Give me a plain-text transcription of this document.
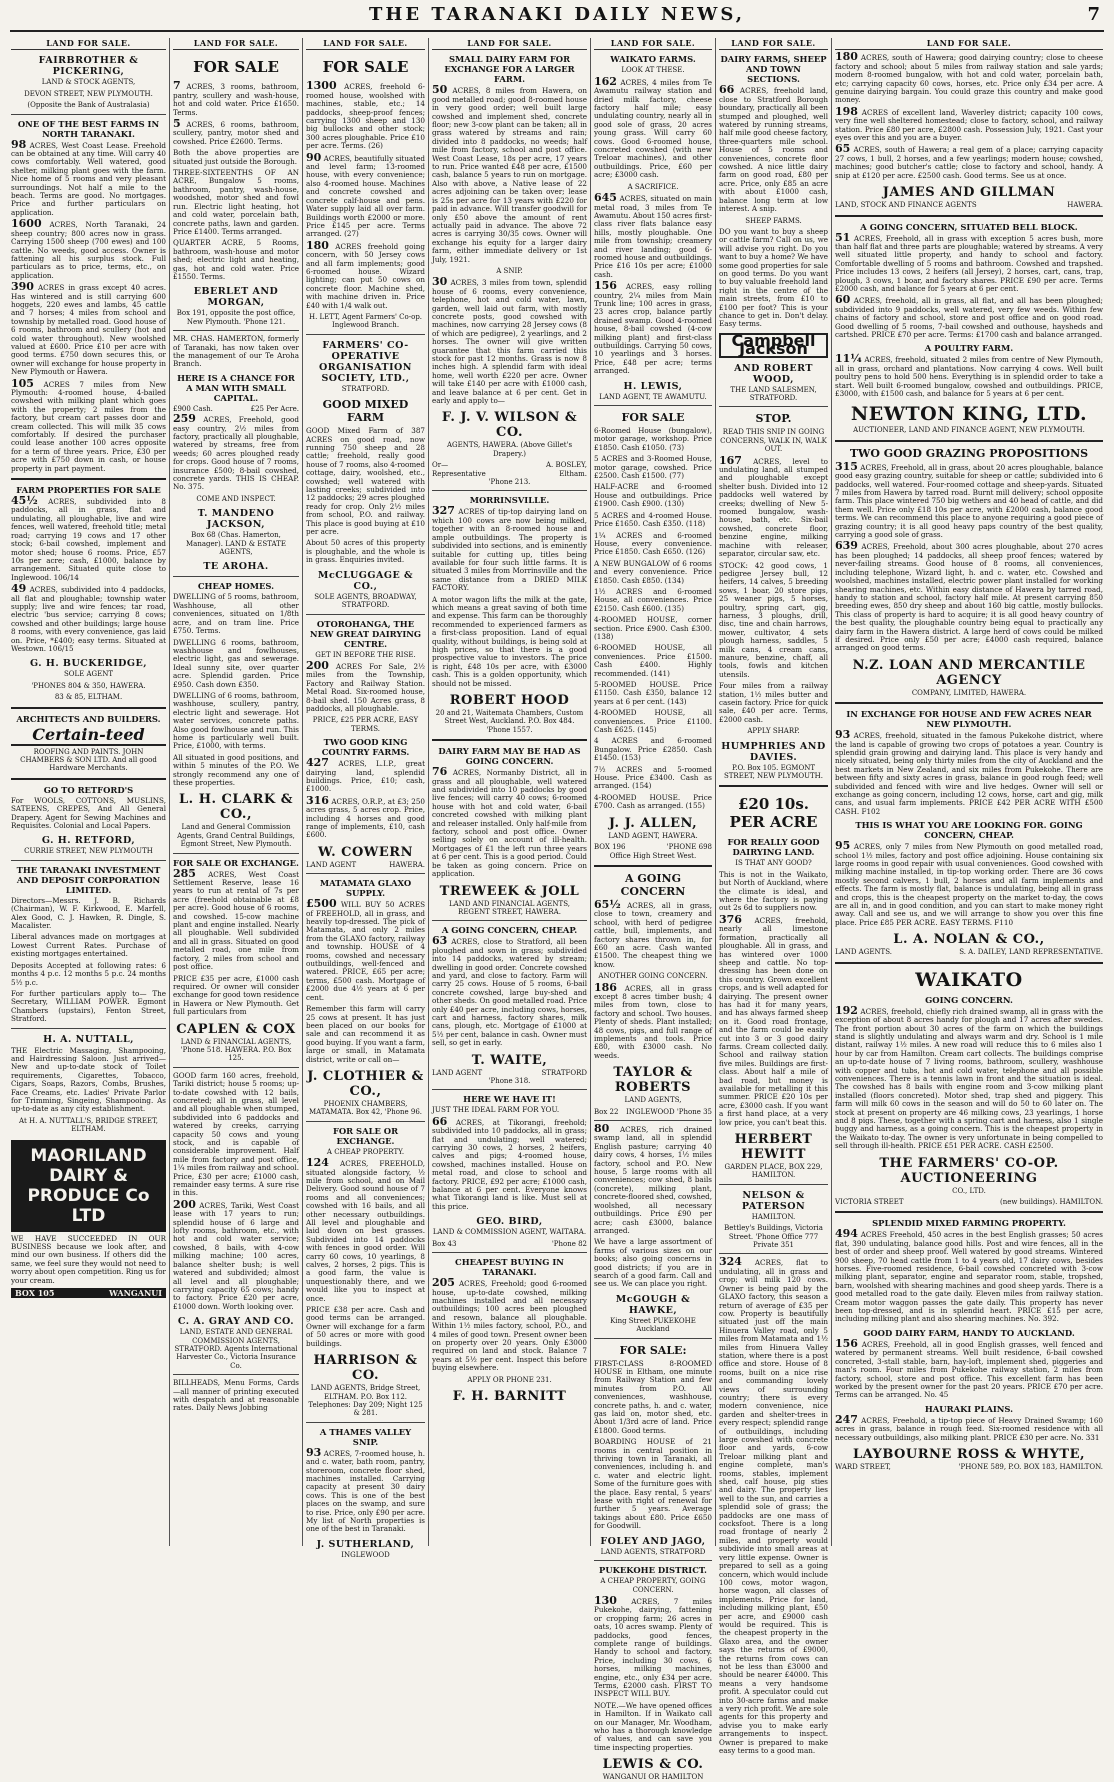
THE TARANAKI DAILY NEWS,	7
LAND FOR SALE.
FAIRBROTHER & PICKERING,
LAND & STOCK AGENTS,
DEVON STREET, NEW PLYMOUTH.
(Opposite the Bank of Australasia)
ONE OF THE BEST FARMS IN NORTH TARANAKI.
98 ACRES, West Coast Lease. Freehold can be obtained at any time. Will carry 40 cows comfortably. Well watered, good shelter, milking plant goes with the farm. Nice home of 5 rooms and very pleasant surroundings. Not half a mile to the beach. Terms are good. No mortgages. Price and further particulars on application.
1600 ACRES, North Taranaki, 24 sheep country; 800 acres now in grass. Carrying 1500 sheep (700 ewes) and 100 cattle. No weeds, good access. Owner is fattening all his surplus stock. Full particulars as to price, terms, etc., on application.
390 ACRES in grass except 40 acres. Has wintered and is still carrying 600 hoggets, 220 ewes and lambs, 45 cattle and 7 horses; 4 miles from school and township by metalled road. Good house of 6 rooms, bathroom and scullery (hot and cold water throughout). New woolshed valued at £600. Price £10 per acre with good terms. £750 down secures this, or owner will exchange for house property in New Plymouth or Hawera.
105 ACRES 7 miles from New Plymouth: 4-roomed house, 4-bailed cowshed with milking plant which goes with the property; 2 miles from the factory, but cream cart passes door and cream collected. This will milk 35 cows comfortably. If desired the purchaser could lease another 100 acres opposite for a term of three years. Price, £30 per acre with £750 down in cash, or house property in part payment.
FARM PROPERTIES FOR SALE
45½ ACRES, subdivided into 8 paddocks, all in grass, flat and undulating, all ploughable, live and wire fences, well watered, freehold title; metal road; carrying 19 cows and 17 other stock; 6-bail cowshed, implement and motor shed; house 6 rooms. Price, £57 10s per acre; cash, £1000, balance by arrangement. Situated quite close to Inglewood. 106/14
49 ACRES, subdivided into 4 paddocks, all flat and ploughable; township water supply; live and wire fences; tar road, electric 'bus service; carrying 8 cows; cowshed and other buildings; large house 8 rooms, with every convenience, gas laid on. Price, *£400; easy terms. Situated at Westown. 106/15
G. H. BUCKERIDGE,
SOLE AGENT
'PHONES 804 & 350, HAWERA.
83 & 85, ELTHAM.
ARCHITECTS AND BUILDERS.
Certain-teed
ROOFING AND PAINTS. JOHN CHAMBERS & SON LTD. And all good Hardware Merchants.
GO TO RETFORD'S
For WOOLS, COTTONS, MUSLINS, SATEENS, CREPES, And All General Drapery. Agent for Sewing Machines and Requisites. Colonial and Local Papers.
G. H. RETFORD,
CURRIE STREET, NEW PLYMOUTH
THE TARANAKI INVESTMENT AND DEPOSIT CORPORATION LIMITED.
Directors—Messrs. J. B. Richards (Chairman), W. F. Kirkwood, E. Marfell, Alex Good, C. J. Hawken, R. Dingle, S. Macalister.
Liberal advances made on mortgages at Lowest Current Rates. Purchase of existing mortgages entertained.
Deposits Accepted at following rates: 6 months 4 p.c. 12 months 5 p.c. 24 months 5½ p.c.
For further particulars apply to— The Secretary, WILLIAM POWER. Egmont Chambers (upstairs), Fenton Street, Stratford.
H. A. NUTTALL,
THE Electric Massaging, Shampooing, and Hairdressing Saloon. Just arrived—New and up-to-date stock of Toilet requirements, Cigarettes, Tobacco, Cigars, Soaps, Razors, Combs, Brushes, Face Creams, etc. Ladies' Private Parlor for Trimming, Singeing, Shampooing. As up-to-date as any city establishment.
At H. A. NUTTALL'S, BRIDGE STREET, ELTHAM.
MAORILAND DAIRY & PRODUCE Co LTD
WE HAVE SUCCEEDED IN OUR BUSINESS because we look after, and mind our own business. If others did the same, we feel sure they would not need to worry about open competition. Ring us for your cream.
BOX 105	WANGANUI
LAND FOR SALE.
FOR SALE
7 ACRES, 3 rooms, bathroom, pantry, scullery and wash-house, hot and cold water. Price £1650. Terms.
5 ACRES, 6 rooms, bathroom, scullery, pantry, motor shed and cowshed. Price £2600. Terms.
Both the above properties are situated just outside the Borough.
THREE-SIXTEENTHS OF AN ACRE, Bungalow 5 rooms, bathroom, pantry, wash-house, woodshed, motor shed and fowl run. Electric light heating, hot and cold water, porcelain bath, concrete paths, lawn and garden. Price £1400. Terms arranged.
QUARTER ACRE, 5 Rooms, bathroom, wash-house and motor shed; electric light and heating, gas, hot and cold water. Price £1550. Terms.
EBERLET AND MORGAN,
Box 191, opposite the post office, New Plymouth. 'Phone 121.
MR. CHAS. HAMERTON, formerly of Taranaki, has now taken over the management of our Te Aroha Branch.
HERE IS A CHANCE FOR A MAN WITH SMALL CAPITAL.
£900 Cash.	£25 Per Acre.
259 ACRES, Freehold, good easy country, 2½ miles from factory, practically all ploughable, watered by streams, free from weeds; 60 acres ploughed ready for crops. Good house of 7 rooms, insurance £500; 8-bail cowshed, concrete yards. THIS IS CHEAP. No. 375.
COME AND INSPECT.
T. MANDENO JACKSON,
Box 68 (Chas. Hamerton, Manager). LAND & ESTATE AGENTS,
TE AROHA.
CHEAP HOMES.
DWELLING of 5 rooms, bathroom, Washhouse, all other conveniences, situated on 1/8th acre, and on tram line. Price £750. Terms.
DWELLING 6 rooms, bathroom, washhouse and fowlhouses, electric light, gas and sewerage. Ideal sunny site, over quarter acre. Splendid garden. Price £950. Cash down £350.
DWELLING of 6 rooms, bathroom, washhouse, scullery, pantry, electric light and sewerage. Hot water services, concrete paths. Also good fowlhouse and run. This home is particularly well built. Price, £1000, with terms.
All situated in good positions, and within 5 minutes of the P.O. We strongly recommend any one of these properties.
L. H. CLARK & CO.,
Land and General Commission Agents, Grand Central Buildings, Egmont Street, New Plymouth.
FOR SALE OR EXCHANGE.
285 ACRES, West Coast Settlement Reserve, lease 16 years to run at rental of 7s per acre (freehold obtainable at £8 per acre). Good house of 6 rooms, and cowshed. 15-cow machine plant and engine installed. Nearly all ploughable. Well subdivided and all in grass. Situated on good metalled road, one mile from factory, 2 miles from school and post office.
PRICE £35 per acre, £1000 cash required. Or owner will consider exchange for good town residence in Hawera or New Plymouth. Get full particulars from
CAPLEN & COX
LAND & FINANCIAL AGENTS, 'Phone 518. HAWERA. P.O. Box 125.
GOOD farm 160 acres, freehold, Tariki district; house 5 rooms; up-to-date cowshed with 12 bails, concreted; all in grass, all level and all ploughable when stumped, subdivided into 6 paddocks and watered by creeks, carrying capacity 50 cows and young stock, and is capable of considerable improvement. Half mile from factory and post office, 1¼ miles from railway and school. Price, £30 per acre; £1000 cash, remainder easy terms. A sure rise in this.
200 ACRES, Tariki, West Coast lease with 17 years to run; splendid house of 6 large and lofty rooms, bathroom, etc., with hot and cold water service; cowshed, 8 bails, with 4-cow milking machine; 100 acres, balance shelter bush; is well watered and subdivided; almost all level and all ploughable; carrying capacity 65 cows; handy to factory. Price £20 per acre, £1000 down. Worth looking over.
C. A. GRAY AND CO.
LAND, ESTATE AND GENERAL COMMISSION AGENTS, STRATFORD. Agents International Harvester Co., Victoria Insurance Co.
BILLHEADS, Menu Forms, Cards—all manner of printing executed with despatch and at reasonable rates. Daily News Jobbing
LAND FOR SALE.
FOR SALE
1300 ACRES, freehold 6-roomed house, woolshed with machines, stable, etc.; 14 paddocks, sheep-proof fences; carrying 1300 sheep and 130 big bullocks and other stock; 300 acres ploughable. Price £10 per acre. Terms. (26)
90 ACRES, beautifully situated and level farm; 13-roomed house, with every convenience; also 4-roomed house. Machines and concrete cowshed and concrete calf-house and pens. Water supply laid all over farm. Buildings worth £2000 or more. Price £145 per acre. Terms arranged. (27)
180 ACRES freehold going concern, with 50 Jersey cows and all farm implements; good 6-roomed house. Wizard lighting; can put 50 cows on concrete floor. Machine shed, with machine driven in. Price £40 with 1/4 walk out.
H. LETT, Agent Farmers' Co-op. Inglewood Branch.
FARMERS' CO-OPERATIVE ORGANISATION SOCIETY, LTD.,
STRATFORD.
GOOD MIXED FARM
GOOD Mixed Farm of 387 ACRES on good road, now running 750 sheep and 28 cattle; freehold, really good house of 7 rooms, also 4-roomed cottage, dairy, woolshed, etc., cowshed; well watered with lasting creeks; subdivided into 12 paddocks; 29 acres ploughed ready for crop. Only 2½ miles from school, P.O. and railway. This place is good buying at £10 per acre.
About 50 acres of this property is ploughable, and the whole is in grass. Enquiries invited.
McCLUGGAGE & CO.,
SOLE AGENTS, BROADWAY, STRATFORD.
OTOROHANGA, THE NEW GREAT DAIRYING CENTRE.
GET IN BEFORE THE RISE.
200 ACRES For Sale, 2½ miles from the Township, Factory and Railway Station. Metal Road. Six-roomed house, 8-bail shed. 150 Acres grass, 8 paddocks, all ploughable.
PRICE, £25 PER ACRE, EASY TERMS.
TWO GOOD KING COUNTRY FARMS.
427 ACRES, L.I.P., great dairying land, splendid buildings. Price, £10; cash, £1000.
316 ACRES, O.R.P., at £3; 250 acres grass, 5 acres crop. Price, including 4 horses and good range of implements, £10, cash £600.
W. COWERN
LAND AGENT	HAWERA.
MATAMATA GLAXO SUPPLY.
£500 WILL BUY 50 ACRES of FREEHOLD, all in grass, and heavily top-dressed. The pick of Matamata, and only 2 miles from the GLAXO factory, railway and township. HOUSE of 4 rooms, cowshed and necessary outbuildings, well-fenced and watered. PRICE, £65 per acre; terms, £500 cash. Mortgage of £2000 due 4½ years at 6 per cent.
Remember this farm will carry 25 cows at present. It has just been placed on our books for sale and can recommend it as good buying. If you want a farm, large or small, in Matamata district, write or call on—
J. CLOTHIER & CO.,
PHOENIX CHAMBERS, MATAMATA. Box 42, 'Phone 96.
FOR SALE OR EXCHANGE.
A CHEAP PROPERTY.
124 ACRES, FREEHOLD, situated alongside factory, ½ mile from school, and on Mail Delivery. Good sound house of 7 rooms and all conveniences; cowshed with 16 bails, and all other necessary outbuildings. All level and ploughable and laid down on best grasses. Subdivided into 14 paddocks with fences in good order. Will carry 60 cows, 10 yearlings, 8 calves, 2 horses, 2 pigs. This is a good farm, the value is unquestionably there, and we would like you to inspect at once.
PRICE £38 per acre. Cash and good terms can be arranged. Owner will exchange for a farm of 50 acres or more with good buildings.
HARRISON & CO.
LAND AGENTS, Bridge Street, ELTHAM. P.O. Box 112. Telephones: Day 209; Night 125 & 281.
A THAMES VALLEY SNIP.
93 ACRES, 7-roomed house, h. and c. water, bath room, pantry, storeroom, concrete floor shed, machines installed. Carrying capacity at present 30 dairy cows. This is one of the best places on the swamp, and sure to rise. Price, only £90 per acre. My list of North properties is one of the best in Taranaki.
J. SUTHERLAND,
INGLEWOOD
LAND FOR SALE.
SMALL DAIRY FARM FOR EXCHANGE FOR A LARGER FARM.
50 ACRES, 8 miles from Hawera, on good metalled road; good 8-roomed house in very good order; well built large cowshed and implement shed, concrete floor; new 3-cow plant can be taken; all in grass watered by streams and rain; divided into 8 paddocks, no weeds; half mile from factory, school and post office. West Coast Lease, 18s per acre, 17 years to run. Price wanted £48 per acre, £1500 cash, balance 5 years to run on mortgage. Also with above, a Native lease of 22 acres adjoining can be taken over; lease is 25s per acre for 13 years with £220 for paid in advance. Will transfer goodwill for only £50 above the amount of rent actually paid in advance. The above 72 acres is carrying 30/35 cows. Owner will exchange his equity for a larger dairy farm, either immediate delivery or 1st July, 1921.
A SNIP.
30 ACRES, 3 miles from town, splendid house of 6 rooms, every convenience, telephone, hot and cold water, lawn, garden, well laid out farm, with mostly concrete posts, good cowshed with machines, now carrying 28 Jersey cows (8 of which are pedigree), 2 yearlings, and 2 horses. The owner will give written guarantee that this farm carried this stock for past 12 months. Grass is now 8 inches high. A splendid farm with ideal home, well worth £220 per acre. Owner will take £140 per acre with £1000 cash, and leave balance at 6 per cent. Get in early and apply to—
F. J. V. WILSON & CO.
AGENTS, HAWERA. (Above Gillet's Drapery.)
Or—	A. BOSLEY,
Representative	Eltham.
'Phone 213.
MORRINSVILLE.
327 ACRES of tip-top dairying land on which 100 cows are now being milked, together with an 8-roomed house and ample outbuildings. The property is subdivided into sections, and is eminently suitable for cutting up, titles being available for four such little farms. It is situated 3 miles from Morrinsville and the same distance from a DRIED MILK FACTORY.
A motor wagon lifts the milk at the gate, which means a great saving of both time and expense. This farm can be thoroughly recommended to experienced farmers as a first-class proposition. Land of equal quality, without buildings, is being sold at high prices, so that there is a good prospective value to investors. The price is right, £48 10s per acre, with £3000 cash. This is a golden opportunity, which should not be missed.
ROBERT HOOD
20 and 21, Waitemata Chambers, Custom Street West, Auckland. P.O. Box 484. 'Phone 1557.
DAIRY FARM MAY BE HAD AS GOING CONCERN.
76 ACRES, Normanby District, all in grass and all ploughable, well watered and subdivided into 10 paddocks by good live fences; will carry 40 cows; 6-roomed house with hot and cold water, 6-bail concreted cowshed with milking plant and releaser installed. Only half-mile from factory, school and post office. Owner selling solely on account of ill-health. Mortgages of £1 the left run three years at 6 per cent. This is a good period. Could be taken as going concern. Price on application.
TREWEEK & JOLL
LAND AND FINANCIAL AGENTS, REGENT STREET, HAWERA.
A GOING CONCERN, CHEAP.
63 ACRES, close to Stratford, all been ploughed and sown in grass; subdivided into 14 paddocks, watered by stream; dwelling in good order. Concrete cowshed and yard, and close to factory. Farm will carry 25 cows. House of 5 rooms, 6-bail concrete cowshed, large buy-shed and other sheds. On good metalled road. Price only £40 per acre, including cows, horses, cart and harness, factory shares, milk cans, plough, etc. Mortgage of £1000 at 5½ per cent, balance in cash. Owner must sell, so get in early.
T. WAITE,
LAND AGENT	STRATFORD
'Phone 318.
HERE WE HAVE IT!
JUST THE IDEAL FARM FOR YOU.
66 ACRES, at Tikorangi, freehold; subdivided into 10 paddocks, all in grass; flat and undulating; well watered; carrying 30 cows, 2 horses, 2 heifers, calves and pigs; 4-roomed house, cowshed, machines installed. House on metal road, and close to school and factory. PRICE, £92 per acre; £1000 cash, balance at 6 per cent. Everyone knows what Tikorangi land is like. Must sell at this price.
GEO. BIRD,
LAND & COMMISSION AGENT, WAITARA.
Box 43	'Phone 82
CHEAPEST BUYING IN TARANAKI.
205 ACRES, Freehold; good 6-roomed house, up-to-date cowshed, milking machines installed and all necessary outbuildings; 100 acres been ploughed and resown, balance all ploughable. Within 1½ miles factory, school, P.O., and 4 miles of good town. Present owner been on property over 20 years. Only £3000 required on land and stock. Balance 7 years at 5½ per cent. Inspect this before buying elsewhere.
APPLY OR PHONE 231.
F. H. BARNITT
LAND FOR SALE.
WAIKATO FARMS.
LOOK AT THESE.
162 ACRES, 4 miles from Te Awamutu railway station and dried milk factory, cheese factory half mile; easy undulating country, nearly all in good sole of grass, 20 acres young grass. Will carry 60 cows. Good 6-roomed house, concreted cowshed (with new Treloar machines), and other outbuildings. Price, £60 per acre; £3000 cash.
A SACRIFICE.
645 ACRES, situated on main metal road, 3 miles from Te Awamutu. About 150 acres first-class river flats balance easy hills, mostly ploughable. One mile from township; creamery and river landing; good 6-roomed house and outbuildings. Price £16 10s per acre; £1000 cash.
156 ACRES, easy rolling country, 2¼ miles from Main Trunk line; 100 acres in grass, 23 acres crop, balance partly drained swamp. Good 4-roomed house, 8-bail cowshed (4-cow milking plant) and first-class outbuildings. Carrying 50 cows, 10 yearlings and 3 horses. Price, £48 per acre; terms arranged.
H. LEWIS,
LAND AGENT, TE AWAMUTU.
FOR SALE
6-Roomed House (bungalow), motor garage, workshop. Price £1850. Cash £1050. (73)
5 ACRES and 3-Roomed House, motor garage, cowshed. Price £2500. Cash £1500. (77)
HALF-ACRE and 6-roomed House and outbuildings. Price £1900. Cash £900. (130)
5 ACRES and 4-roomed House. Price £1650. Cash £350. (118)
1¼ ACRES and 6-roomed House, every convenience. Price £1850. Cash £650. (126)
A NEW BUNGALOW of 6 rooms and every convenience. Price £1850. Cash £850. (134)
1½ ACRES and 6-roomed House, all conveniences. Price £2150. Cash £600. (135)
4-ROOMED HOUSE, corner section. Price £900. Cash £300. (138)
6-ROOMED HOUSE, all conveniences. Price £1500. Cash £400. Highly recommended. (141)
5-ROOMED HOUSE. Price £1150. Cash £350, balance 12 years at 6 per cent. (143)
4-ROOMED HOUSE, all conveniences. Price £1100. Cash £625. (145)
4 ACRES and 6-roomed Bungalow. Price £2850. Cash £1450. (153)
7½ ACRES and 5-roomed House. Price £3400. Cash as arranged. (154)
4-ROOMED HOUSE. Price £700. Cash as arranged. (155)
J. J. ALLEN,
LAND AGENT, HAWERA.
BOX 196	'PHONE 698
Office High Street West.
A GOING CONCERN
65½ ACRES, all in grass, close to town, creamery and school, with herd of pedigree cattle, bull, implements, and factory shares thrown in, for £60 an acre. Cash wanted £1500. The cheapest thing we know.
ANOTHER GOING CONCERN.
186 ACRES, all in grass except 8 acres timber bush; 4 miles from town, close to factory and school. Two houses. Plenty of sheds. Plant installed; 48 cows, pigs, and full range of implements and tools. Price £80, with £3000 cash. No weeds.
TAYLOR & ROBERTS
LAND AGENTS,
Box 22 INGLEWOOD 'Phone 35
80 ACRES, rich drained swamp land, all in splendid English pasture; carrying 40 dairy cows, 4 horses, 1½ miles factory, school and P.O. New house, 5 large rooms with all conveniences; cow shed, 8 bails (concrete), milking plant, concrete-floored shed, cowshed, woolshed, all necessary outbuildings. Price £90 per acre; cash £3000, balance arranged.
We have a large assortment of farms of various sizes on our books; also going concerns in good districts; if you are in search of a good farm. Call and see us. We can place you right.
McGOUGH & HAWKE,
King Street PUKEKOHE Auckland
FOR SALE:
FIRST-CLASS 8-ROOMED HOUSE in Eltham, one minute from Railway Station and few minutes from P.O. All conveniences, washhouse, concrete paths, h. and c. water, gas laid on, motor shed, etc. About 1/3rd acre of land. Price £1800. Good terms.
BOARDING HOUSE of 21 rooms in central position in thriving town in Taranaki, all conveniences, including h. and c. water and electric light. Some of the furniture goes with the place. Easy rental, 5 years' lease with right of renewal for further 5 years. Average takings about £80. Price £650 for Goodwill.
FOLEY AND JAGO,
LAND AGENTS, STRATFORD
PUKEKOHE DISTRICT.
A CHEAP PROPERTY, GOING CONCERN.
130 ACRES, 7 miles Pukekohe, dairying, fattening or cropping farm; 26 acres in oats, 10 acres swamp. Plenty of paddocks, good fences, complete range of buildings. Handy to school and factory. Price, including 30 cows, 6 horses, milking machines, engine, etc., only £34 per acre. Terms, £2000 cash. FIRST TO INSPECT WILL BUY.
NOTE.—We have opened offices in Hamilton. If in Waikato call on our Manager, Mr. Woodham, who has a thorough knowledge of values, and can save you time inspecting properties.
LEWIS & CO.
WANGANUI OR HAMILTON
LAND FOR SALE.
DAIRY FARMS, SHEEP AND TOWN SECTIONS.
66 ACRES, freehold land, close to Stratford Borough boundary, practically all been stumped and ploughed, well watered by running streams, half mile good cheese factory, three-quarters mile school. House of 5 rooms and conveniences, concrete floor cowshed. A nice little dairy farm on good road, £80 per acre. Price, only £85 an acre with about £1000 cash, balance long term at low interest. A snip.
SHEEP FARMS.
DO you want to buy a sheep or cattle farm? Call on us, we will advise you right. Do you want to buy a home? We have some good properties for sale on good terms. Do you want to buy valuable freehold land right in the centre of the main streets, from £10 to £100 per foot? This is your chance to get in. Don't delay. Easy terms.
Campbell Jackson
AND ROBERT WOOD,
THE LAND SALESMEN, STRATFORD.
STOP.
READ THIS SNIP IN GOING CONCERNS, WALK IN, WALK OUT.
167 ACRES, level to undulating land, all stumped and ploughable except shelter bush. Divided into 12 paddocks well watered by creeks; dwelling of New 5-roomed bungalow, wash-house, bath, etc. Six-bail cowshed, concrete floor, benzine engine, milking machine with releaser, separator, circular saw, etc.
STOCK: 42 good cows, 1 pedigree Jersey bull, 12 heifers, 14 calves, 5 breeding sows, 1 boar, 20 store pigs, 25 weaner pigs, 5 horses, poultry, spring cart, gig, harness, 3 ploughs, drill, disc, tine and chain harrows, mower, cultivator, 4 sets plough harness, saddles, 5 milk cans, 4 cream cans, manure, benzine, chaff, all tools, fowls and kitchen utensils.
Four miles from a railway station, 1½ miles butter and casein factory. Price for quick sale, £40 per acre. Terms, £2000 cash.
APPLY SHARP.
HUMPHRIES AND DAVIES.
P.O. Box 105. EGMONT STREET, NEW PLYMOUTH.
£20 10s. PER ACRE
FOR REALLY GOOD DAIRYING LAND.
IS THAT ANY GOOD?
This is not in the Waikato, but North of Auckland, where the climate is ideal, and where the factory is paying out 2s 6d to suppliers now.
376 ACRES, freehold, nearly all limestone formation, practically all ploughable. All in grass, and has wintered over 1000 sheep and cattle. No top-dressing has been done on this country. Grown excellent crops, and is well adapted for dairying. The present owner has had it for many years, and has always farmed sheep on it. Good road frontage, and the farm could be easily cut into 3 or 3 good dairy farms. Cream collected daily. School and railway station five miles. Buildings are first-class. About half a mile of bad road, but money is available for metalling it this summer. PRICE £20 10s per acre, £3000 cash. If you want a first hand place, at a very low price, you can't beat this.
HERBERT HEWITT
GARDEN PLACE, BOX 229, HAMILTON.
NELSON & PATERSON
HAMILTON.
Bettley's Buildings, Victoria Street. 'Phone Office 777 Private 351
324 ACRES, flat to undulating, all in grass and crop; will milk 120 cows. Owner is being paid by the GLAXO factory, this season a return of average of £35 per cow. Property is beautifully situated just off the main Hinuera Valley road, only 5 miles from Matamata and 1½ miles from Hinuera Valley station, where there is a post office and store. House of 8 rooms, built on a nice rise and commanding lovely views of surrounding country; there is every modern convenience, nice garden and shelter-trees in every respect; splendid range of outbuildings, including large cowshed with concrete floor and yards, 6-cow Treloar milking plant and engine complete, man's rooms, stables, implement shed, calf house, pig sties and dairy. The property lies well to the sun, and carries a splendid sole of grass; the paddocks are one mass of cocksfoot. There is a long road frontage of nearly 2 miles, and property would subdivide into small areas at very little expense. Owner is prepared to sell as a going concern, which would include 100 cows, motor wagon, horse wagon, all classes of implements. Price for land, including milking plant, £50 per acre, and £9000 cash would be required. This is the cheapest property in the Glaxo area, and the owner says the returns of £9000, the returns from cows can not be less than £3000 and should be nearer £4000. This means a very handsome profit. A speculator could cut into 30-acre farms and make a very rich profit. We are sole agents for this property and advise you to make early arrangements to inspect. Owner is prepared to make easy terms to a good man.
LAND FOR SALE.
180 ACRES, south of Hawera; good dairying country; close to cheese factory and school; about 5 miles from railway station and sale yards; modern 8-roomed bungalow, with hot and cold water, porcelain bath, etc; carrying capacity 60 cows, horses, etc. Price only £34 per acre. A genuine dairying bargain. You could graze this country and make good money.
198 ACRES of excellent land, Waverley district; capacity 100 cows, very fine well sheltered homestead; close to factory, school, and railway station. Price £80 per acre, £2800 cash. Possession July, 1921. Cast your eyes over this and you are a buyer.
65 ACRES, south of Hawera; a real gem of a place; carrying capacity 27 cows, 1 bull, 2 horses, and a few yearlings; modern house; cowshed, machines; good butcher's cattle; close to factory and school, handy. A snip at £120 per acre. £2500 cash. Good terms. See us at once.
JAMES AND GILLMAN
LAND, STOCK AND FINANCE AGENTS	HAWERA.
A GOING CONCERN, SITUATED BELL BLOCK.
51 ACRES, Freehold, all in grass with exception 5 acres bush, more than half flat and three parts are ploughable; watered by streams. A very well situated little property, and handy to school and factory. Comfortable dwelling of 5 rooms and bathroom. Cowshed and trapshed. Price includes 13 cows, 2 heifers (all Jersey), 2 horses, cart, cans, trap, plough, 3 cows, 1 boar, and factory shares. PRICE £90 per acre. Terms £2000 cash, and balance for 5 years at 6 per cent.
60 ACRES, freehold, all in grass, all flat, and all has been ploughed; subdivided into 9 paddocks, well watered, very few weeds. Within few chains of factory and school, store and post office and on good road. Good dwelling of 5 rooms, 7-bail cowshed and outhouse, haysheds and cartshed. PRICE £70 per acre. Terms: £1700 cash and balance arranged.
A POULTRY FARM.
11¼ ACRES, freehold, situated 2 miles from centre of New Plymouth, all in grass, orchard and plantations. Now carrying 4 cows. Well built poultry pens to hold 500 hens. Everything is in splendid order to take a start. Well built 6-roomed bungalow, cowshed and outbuildings. PRICE, £3000, with £1500 cash, and balance for 5 years at 6 per cent.
NEWTON KING, LTD.
AUCTIONEER, LAND AND FINANCE AGENT, NEW PLYMOUTH.
TWO GOOD GRAZING PROPOSITIONS
315 ACRES, Freehold, all in grass, about 20 acres ploughable, balance good easy grazing country, suitable for sheep or cattle; subdivided into 6 paddocks, well watered. Four-roomed cottage and sheep-yards. Situated 7 miles from Hawera by tarred road. Burnt mill delivery; school opposite farm. This place wintered 750 big wethers and 40 head of cattle, and did them well. Price only £18 10s per acre, with £2000 cash, balance good terms. We can recommend this place to anyone requiring a good piece of grazing country; it is all good heavy paps country of the best quality, carrying a good sole of grass.
639 ACRES, Freehold, about 300 acres ploughable, about 270 acres has been ploughed; 14 paddocks, all sheep proof fences; watered by never-failing streams. Good house of 8 rooms, all conveniences, including telephone, Wizard light, h. and c. water, etc. Cowshed and woolshed, machines installed, electric power plant installed for working shearing machines, etc. Within easy distance of Hawera by tarred road, handy to station and school, factory half mile. At present carrying 850 breeding ewes, 850 dry sheep and about 160 big cattle, mostly bullocks. This class of property is hard to acquire; it is all good heavy country of the best quality, the ploughable country being equal to practically any dairy farm in the Hawera district. A large herd of cows could be milked if desired. Price only £50 per acre; £4000 cash required, balance arranged on good terms.
N.Z. LOAN AND MERCANTILE AGENCY
COMPANY, LIMITED, HAWERA.
IN EXCHANGE FOR HOUSE AND FEW ACRES NEAR NEW PLYMOUTH.
93 ACRES, freehold, situated in the famous Pukekohe district, where the land is capable of growing two crops of potatoes a year. Country is splendid grain growing and dairying land. This place is very handy and nicely situated, being only thirty miles from the city of Auckland and the best markets in New Zealand, and six miles from Pukekohe. There are between fifty and sixty acres in grass, balance in good rough feed; well subdivided and fenced with wire and live hedges. Owner will sell or exchange as going concern, including 12 cows, horse, cart and gig, milk cans, and usual farm implements. PRICE £42 PER ACRE WITH £500 CASH. F102
THIS IS WHAT YOU ARE LOOKING FOR. GOING CONCERN, CHEAP.
95 ACRES, only 7 miles from New Plymouth on good metalled road, school 1½ miles, factory and post office adjoining. House containing six large rooms in good repair with usual conveniences. Good cowshed with milking machine installed, in tip-top working order. There are 36 cows mostly second calvers, 1 bull, 2 horses and all farm implements and effects. The farm is mostly flat, balance is undulating, being all in grass and crops, this is the cheapest property on the market to-day, the cows are all in, and in good condition, and you can start to make money right away. Call and see us, and we will arrange to show you over this fine place. Price £85 PER ACRE. EASY TERMS. F110
L. A. NOLAN & CO.,
LAND AGENTS.	S. A. DAILEY, LAND REPRESENTATIVE.
WAIKATO
GOING CONCERN.
192 ACRES, freehold, chiefly rich drained swamp, all in grass with the exception of about 8 acres handy for plough and 17 acres after swedes. The front portion about 30 acres of the farm on which the buildings stand is slightly undulating and always warm and dry. School is 1 mile distant, railway 1½ miles. A new road will reduce this to 6 miles also 1 hour by car from Hamilton. Cream cart collects. The buildings comprise an up-to-date house of 7 living rooms, bathroom, scullery, washhouse with copper and tubs, hot and cold water, telephone and all possible conveniences. There is a tennis lawn in front and the situation is ideal. The cowshed has 8 bails with engine room and 3-cow milking plant installed (floors concreted). Motor shed, trap shed and piggery. This farm will milk 60 cows in the season and will do 50 to 60 later on. The stock at present on property are 46 milking cows, 23 yearlings, 1 horse and 8 pigs. These, together with a spring cart and harness, also 1 single buggy and harness, as a going concern. This is the cheapest property in the Waikato to-day. The owner is very unfortunate in being compelled to sell through ill-health. PRICE £51 PER ACRE. CASH £2500.
THE FARMERS' CO-OP. AUCTIONEERING
CO., LTD.
VICTORIA STREET	(new buildings). HAMILTON.
SPLENDID MIXED FARMING PROPERTY.
494 ACRES Freehold, 450 acres in the best English grasses; 50 acres flat, 390 undulating, balance good hills. Post and wire fences, all in the best of order and sheep proof. Well watered by good streams. Wintered 900 sheep, 70 head cattle from 1 to 4 years old, 17 dairy cows, besides horses. Five-roomed residence, 6-bail cowshed concreted with 3-cow milking plant, separator, engine and separator room, stable, tropshed, barn, woolshed with shearing machines and good sheep yards. There is a good metalled road to the gate daily. Eleven miles from railway station. Cream motor waggon passes the gate daily. This property has never been top-dressed, and is in splendid heart. PRICE £15 per acre, including milking plant and also shearing machines. No. 392.
GOOD DAIRY FARM, HANDY TO AUCKLAND.
156 ACRES, Freehold, all in good English grasses, well fenced and watered by permanent streams. Well built residence, 6-bail cowshed concreted, 3-stall stable, barn, hay-loft, implement shed, piggeries and man's room. Four miles from Pukekohe railway station, 2 miles from factory, school, store and post office. This excellent farm has been worked by the present owner for the past 20 years. PRICE £70 per acre. Terms can be arranged. No. 45
HAURAKI PLAINS.
247 ACRES, Freehold, a tip-top piece of Heavy Drained Swamp; 160 acres in grass, balance in rough feed. Six-roomed residence with all necessary outbuildings, also milking plant. PRICE £30 per acre. No. 331
LAYBOURNE ROSS & WHYTE,
WARD STREET,	'PHONE 589, P.O. BOX 183, HAMILTON.
